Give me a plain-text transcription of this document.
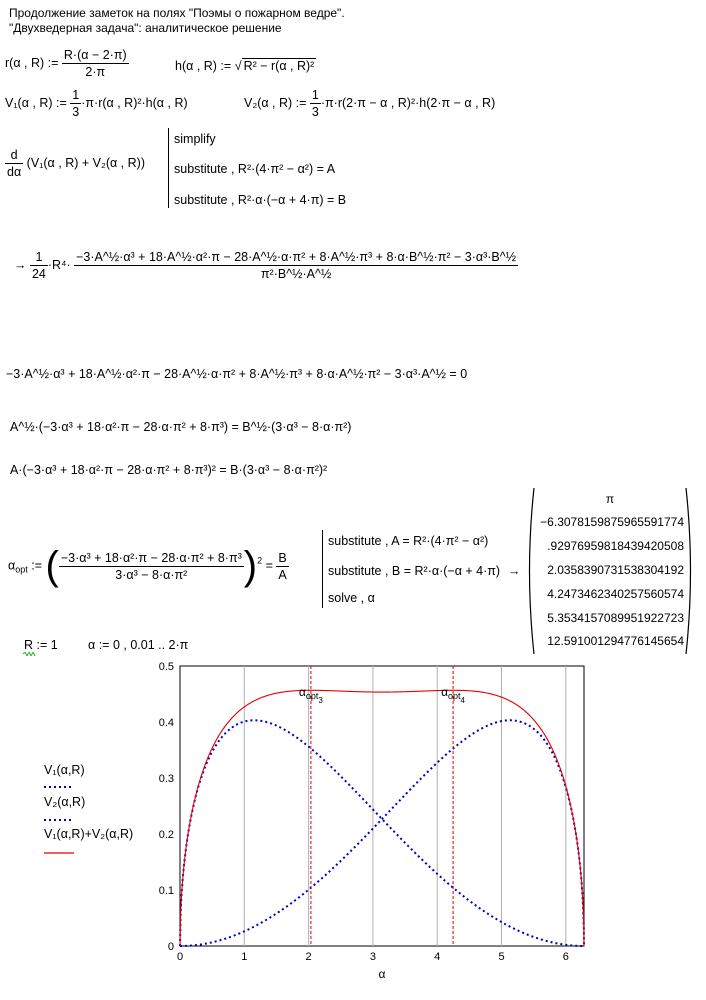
Продолжение заметок на полях "Поэмы о пожарном ведре".
"Двухведерная задача": аналитическое решение
r(α , R) := $\frac{R\cdot(\alpha - 2\cdot\pi)}{2\cdot\pi}$	h(α , R) := √ R² − r(α , R)²
V₁(α , R) := $\frac{1}{3} \cdot\pi\cdot r(\alpha$ , R)²·h(α , R)	V₂(α , R) := $\frac{1}{3} \cdot\pi\cdot r(2\cdot\pi - \alpha$ , R)²·h(2·π − α , R)
$\frac{d}{d\alpha} (V_1(\alpha$ , R) + V₂(α , R))
simplify
substitute , R²·(4·π² − α²) = A
substitute , R²·α·(−α + 4·π) = B
→ $\frac{1}{24} \cdot R^4\cdot$
−3·A^½·α³ + 18·A^½·α²·π − 28·A^½·α·π² + 8·A^½·π³ + 8·α·B^½·π² − 3·α³·B^½
π²·B^½·A^½
−3·A^½·α³ + 18·A^½·α²·π − 28·A^½·α·π² + 8·A^½·π³ + 8·α·A^½·π² − 3·α³·A^½ = 0
A^½·(−3·α³ + 18·α²·π − 28·α·π² + 8·π³) = B^½·(3·α³ − 8·α·π²)
A·(−3·α³ + 18·α²·π − 28·α·π² + 8·π³)² = B·(3·α³ − 8·α·π²)²
$\alpha_{opt}$ := ( $\frac{\text{−3·α³ + 18·α²·π − 28·α·π² + 8·π³}}{\text{3·α³ − 8·α·π²}} )^2 = \frac{B}{A}$
substitute , A = R²·(4·π² − α²)
substitute , B = R²·α·(−α + 4·π)
solve , α
→
π
−6.3078159875965591774
.92976959818439420508
2.0358390731538304192
4.2473462340257560574
5.3534157089951922723
12.591001294776145654
R := 1 α := 0 , 0.01 .. 2·π
V₁(α,R)
V₂(α,R)
V₁(α,R)+V₂(α,R)
0	1	2	3	4	5	6
0
0.1
0.2
0.3
0.4
0.5
α
$\alpha_{opt3}$
$\alpha_{opt4}$
